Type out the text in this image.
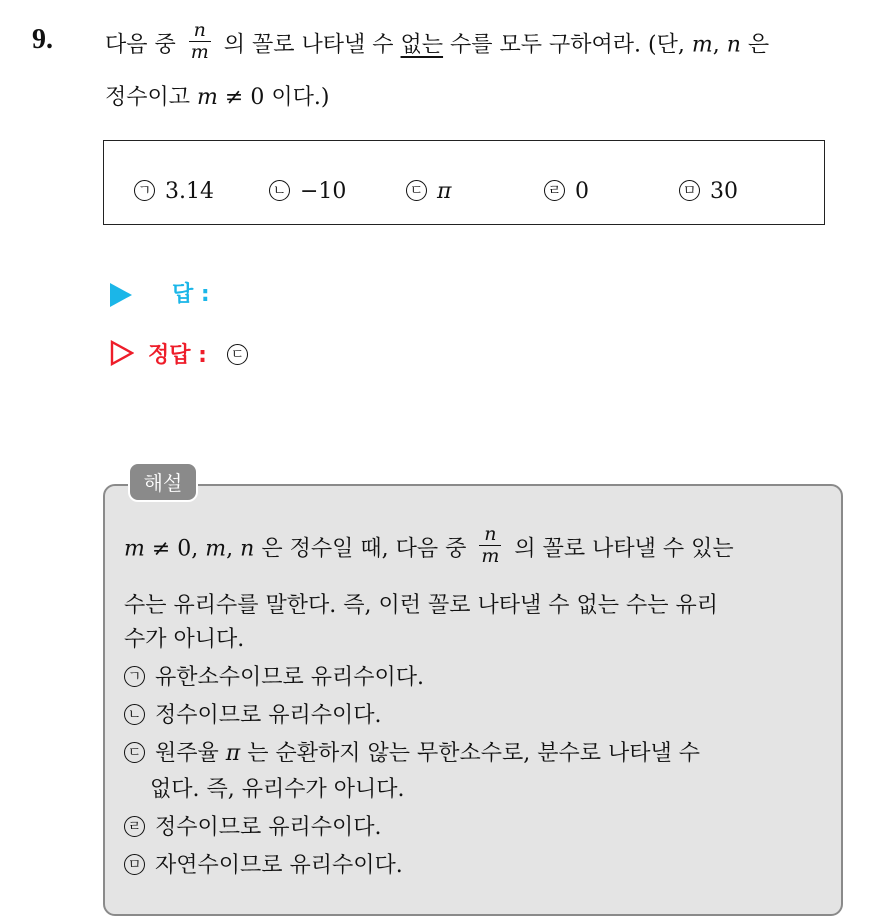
9. 다음 중 $\frac{n}{m}$ 의 꼴로 나타낼 수 없는 수를 모두 구하여라. (단, m, n 은
정수이고 m ≠ 0 이다.)
ㄱ 3.14	ㄴ −10	ㄷ π	ㄹ 0	ㅁ 30
답 :
정답 : ㄷ
해설
m ≠ 0, m, n 은 정수일 때, 다음 중 $\frac{n}{m}$ 의 꼴로 나타낼 수 있는
수는 유리수를 말한다. 즉, 이런 꼴로 나타낼 수 없는 수는 유리
수가 아니다.
ㄱ 유한소수이므로 유리수이다.
ㄴ 정수이므로 유리수이다.
ㄷ 원주율 π 는 순환하지 않는 무한소수로, 분수로 나타낼 수
없다. 즉, 유리수가 아니다.
ㄹ 정수이므로 유리수이다.
ㅁ 자연수이므로 유리수이다.
